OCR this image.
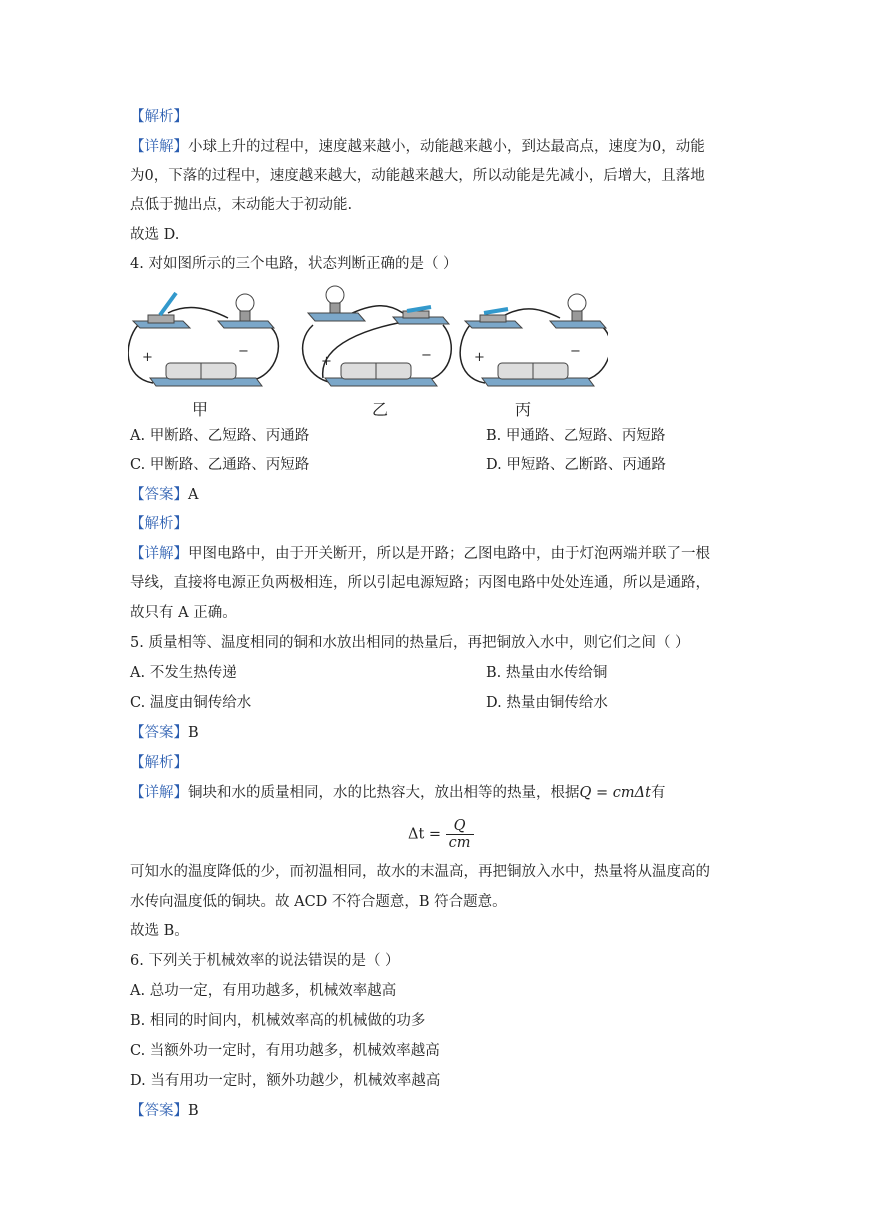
【解析】
【详解】小球上升的过程中，速度越来越小，动能越来越小，到达最高点，速度为0，动能
为0，下落的过程中，速度越来越大，动能越来越大，所以动能是先减小，后增大，且落地
点低于抛出点，末动能大于初动能.
故选 D.
4. 对如图所示的三个电路，状态判断正确的是（ ）
+	−
+	−	+	−
甲	乙	丙
A. 甲断路、乙短路、丙通路	B. 甲通路、乙短路、丙短路
C. 甲断路、乙通路、丙短路	D. 甲短路、乙断路、丙通路
【答案】A
【解析】
【详解】甲图电路中，由于开关断开，所以是开路；乙图电路中，由于灯泡两端并联了一根
导线，直接将电源正负两极相连，所以引起电源短路；丙图电路中处处连通，所以是通路，
故只有 A 正确。
5. 质量相等、温度相同的铜和水放出相同的热量后，再把铜放入水中，则它们之间（ ）
A. 不发生热传递	B. 热量由水传给铜
C. 温度由铜传给水	D. 热量由铜传给水
【答案】B
【解析】
【详解】铜块和水的质量相同，水的比热容大，放出相等的热量，根据Q = cmΔt有
$\Delta t = \frac{Q}{cm}$
可知水的温度降低的少，而初温相同，故水的末温高，再把铜放入水中，热量将从温度高的
水传向温度低的铜块。故 ACD 不符合题意，B 符合题意。
故选 B。
6. 下列关于机械效率的说法错误的是（ ）
A. 总功一定，有用功越多，机械效率越高
B. 相同的时间内，机械效率高的机械做的功多
C. 当额外功一定时，有用功越多，机械效率越高
D. 当有用功一定时，额外功越少，机械效率越高
【答案】B
